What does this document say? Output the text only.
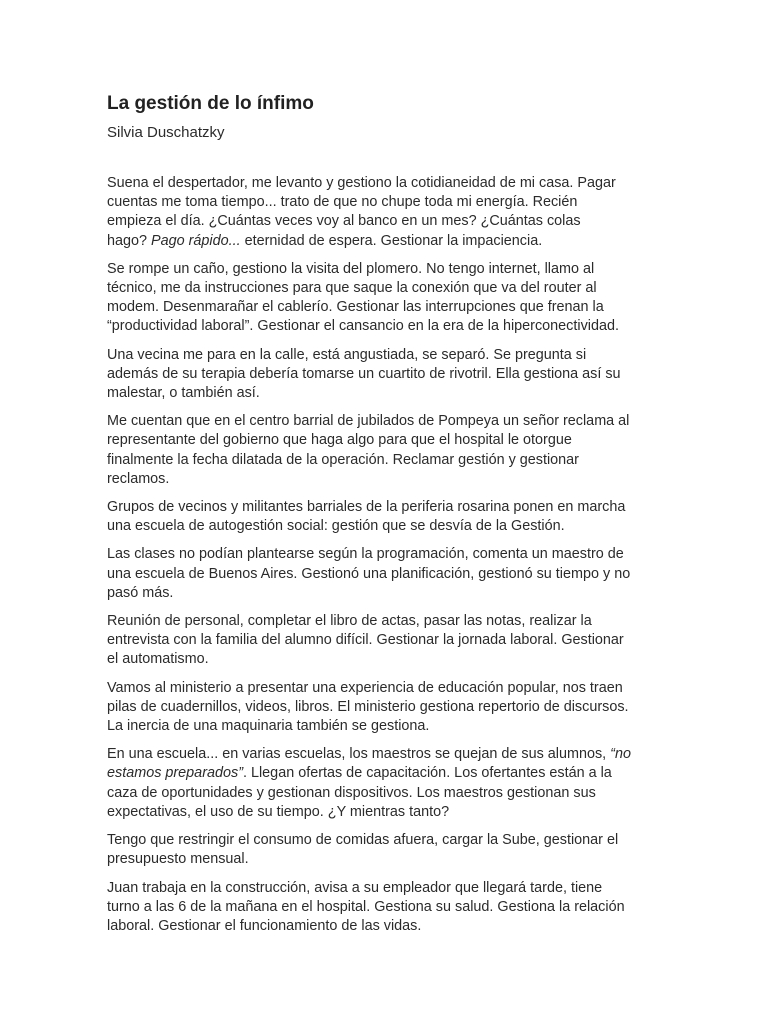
La gestión de lo ínfimo
Silvia Duschatzky

Suena el despertador, me levanto y gestiono la cotidianeidad de mi casa. Pagar
cuentas me toma tiempo... trato de que no chupe toda mi energía. Recién
empieza el día. ¿Cuántas veces voy al banco en un mes? ¿Cuántas colas
hago? Pago rápido... eternidad de espera. Gestionar la impaciencia.

Se rompe un caño, gestiono la visita del plomero. No tengo internet, llamo al
técnico, me da instrucciones para que saque la conexión que va del router al
modem. Desenmarañar el cablerío. Gestionar las interrupciones que frenan la
“productividad laboral”. Gestionar el cansancio en la era de la hiperconectividad.

Una vecina me para en la calle, está angustiada, se separó. Se pregunta si
además de su terapia debería tomarse un cuartito de rivotril. Ella gestiona así su
malestar, o también así.

Me cuentan que en el centro barrial de jubilados de Pompeya un señor reclama al
representante del gobierno que haga algo para que el hospital le otorgue
finalmente la fecha dilatada de la operación. Reclamar gestión y gestionar
reclamos.

Grupos de vecinos y militantes barriales de la periferia rosarina ponen en marcha
una escuela de autogestión social: gestión que se desvía de la Gestión.

Las clases no podían plantearse según la programación, comenta un maestro de
una escuela de Buenos Aires. Gestionó una planificación, gestionó su tiempo y no
pasó más.

Reunión de personal, completar el libro de actas, pasar las notas, realizar la
entrevista con la familia del alumno difícil. Gestionar la jornada laboral. Gestionar
el automatismo.

Vamos al ministerio a presentar una experiencia de educación popular, nos traen
pilas de cuadernillos, videos, libros. El ministerio gestiona repertorio de discursos.
La inercia de una maquinaria también se gestiona.

En una escuela... en varias escuelas, los maestros se quejan de sus alumnos, “no
estamos preparados”. Llegan ofertas de capacitación. Los ofertantes están a la
caza de oportunidades y gestionan dispositivos. Los maestros gestionan sus
expectativas, el uso de su tiempo. ¿Y mientras tanto?

Tengo que restringir el consumo de comidas afuera, cargar la Sube, gestionar el
presupuesto mensual.

Juan trabaja en la construcción, avisa a su empleador que llegará tarde, tiene
turno a las 6 de la mañana en el hospital. Gestiona su salud. Gestiona la relación
laboral. Gestionar el funcionamiento de las vidas.
